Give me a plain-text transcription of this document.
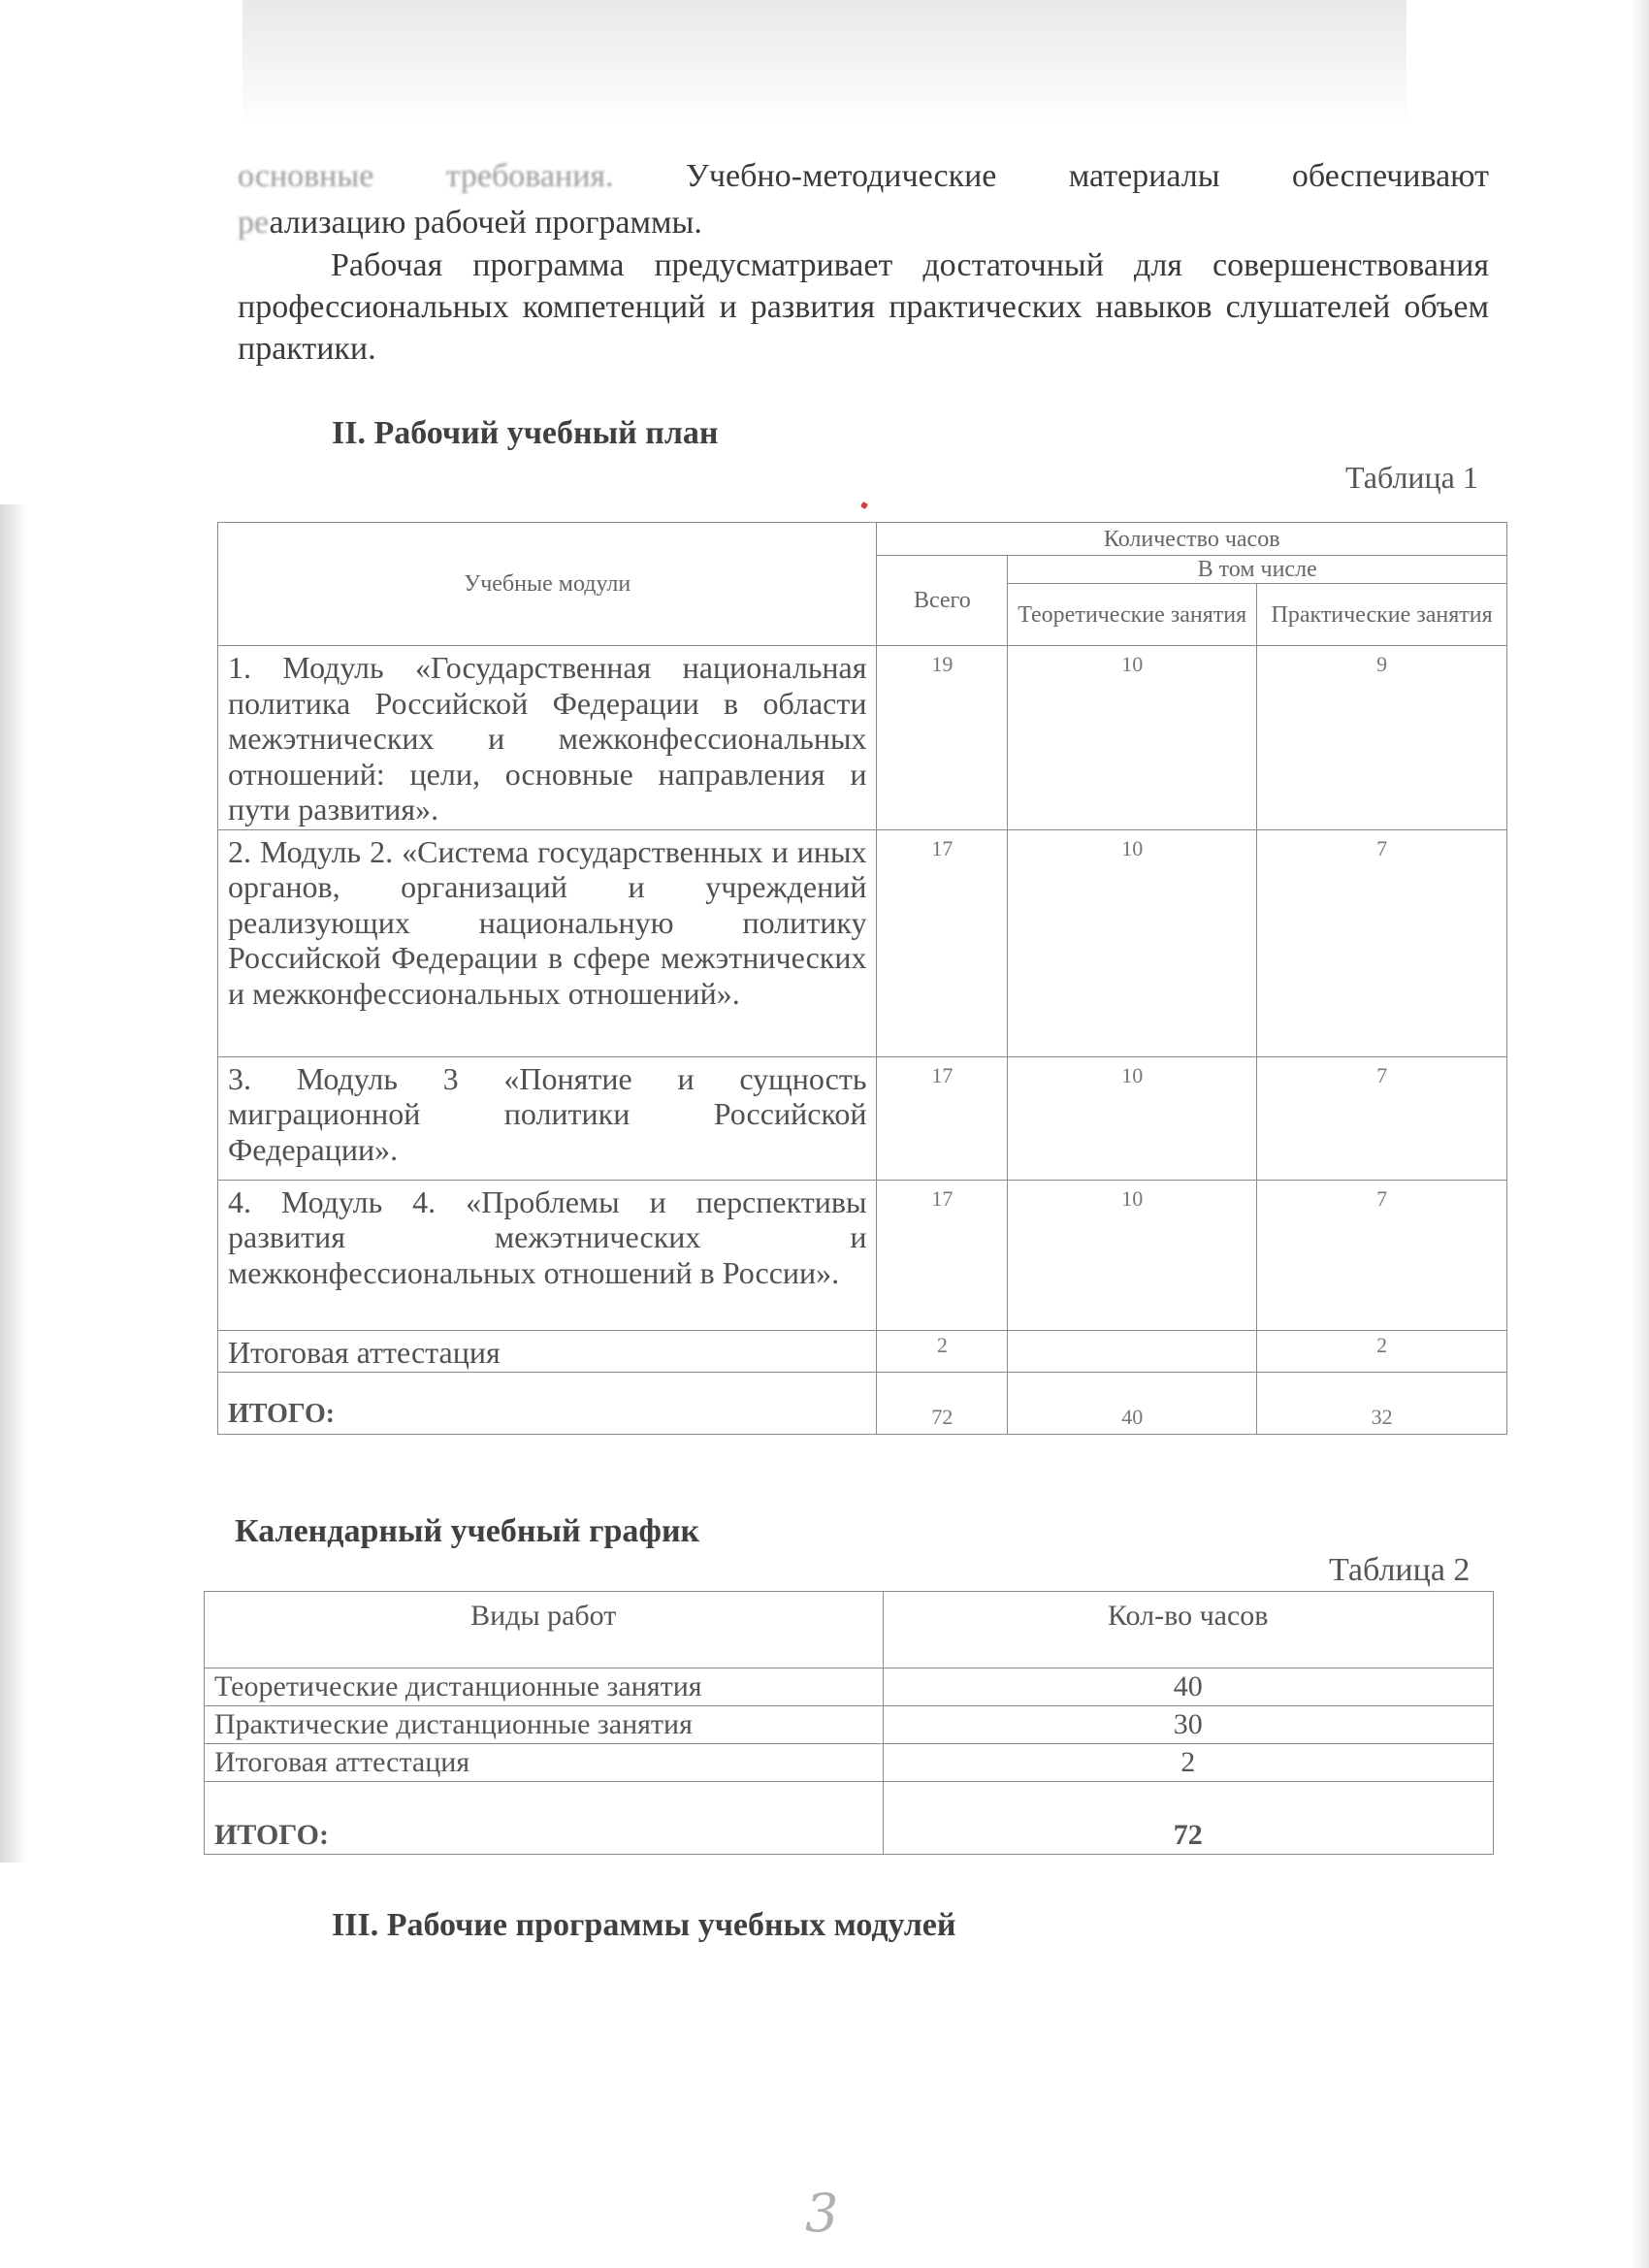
основные требования. Учебно-методические материалы обеспечивают
реализацию рабочей программы.
Рабочая программа предусматривает достаточный для совершенствования профессиональных компетенций и развития практических навыков слушателей объем практики.
II. Рабочий учебный план
Таблица 1
Учебные модули	Количество часов		
	Всего	В том числе	
		Теоретические занятия	Практические занятия
1. Модуль «Государственная национальная политика Российской Федерации в области межэтнических и межконфессиональных отношений: цели, основные направления и пути развития».	19	10	9
2. Модуль 2. «Система государственных и иных органов, организаций и учреждений реализующих национальную политику Российской Федерации в сфере межэтнических и межконфессиональных отношений».	17	10	7
3. Модуль 3 «Понятие и сущность миграционной политики Российской Федерации».	17	10	7
4. Модуль 4. «Проблемы и перспективы развития межэтнических и межконфессиональных отношений в России».	17	10	7
Итоговая аттестация	2		2
ИТОГО:	72	40	32
Календарный учебный график
Таблица 2
Виды работ	Кол-во часов
Теоретические дистанционные занятия	40
Практические дистанционные занятия	30
Итоговая аттестация	2
ИТОГО:	72
III. Рабочие программы учебных модулей
3
